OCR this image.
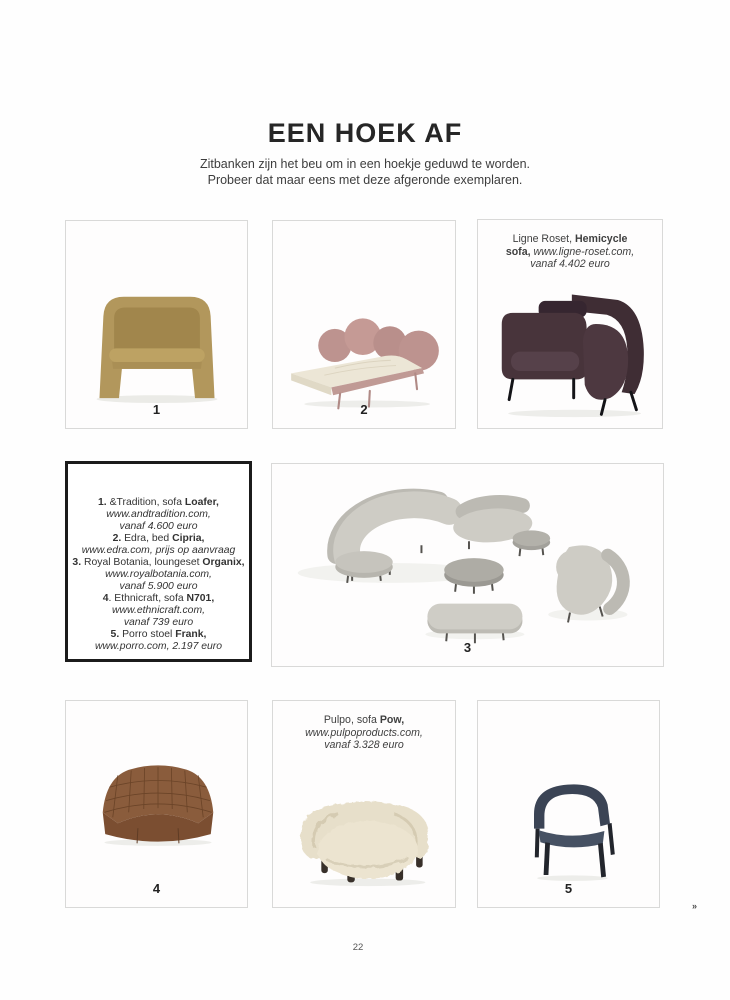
EEN HOEK AF
Zitbanken zijn het beu om in een hoekje geduwd te worden.
Probeer dat maar eens met deze afgeronde exemplaren.
1	2
Ligne Roset, Hemicycle
sofa, www.ligne-roset.com,
vanaf 4.402 euro
1. &Tradition, sofa Loafer,
www.andtradition.com,
vanaf 4.600 euro
2. Edra, bed Cipria,
www.edra.com, prijs op aanvraag
3. Royal Botania, loungeset Organix,
www.royalbotania.com,
vanaf 5.900 euro
4. Ethnicraft, sofa N701,
www.ethnicraft.com,
vanaf 739 euro
5. Porro stoel Frank,
www.porro.com, 2.197 euro	3
4
Pulpo, sofa Pow,
www.pulpoproducts.com,
vanaf 3.328 euro
5
22
»
